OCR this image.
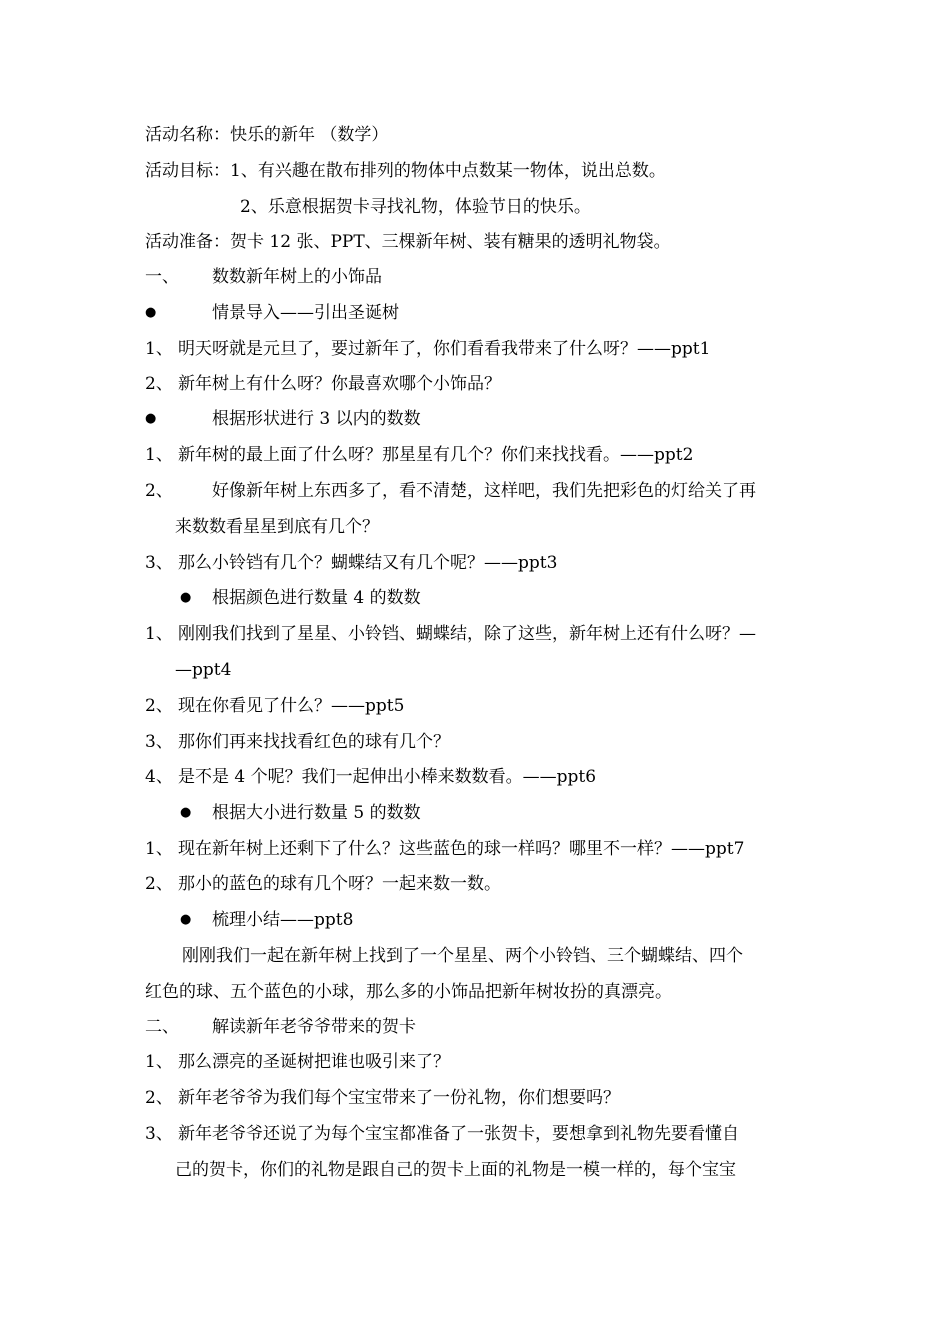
活动名称：快乐的新年 （数学）
活动目标：1、有兴趣在散布排列的物体中点数某一物体，说出总数。
2、乐意根据贺卡寻找礼物，体验节日的快乐。
活动准备：贺卡 12 张、PPT、三棵新年树、装有糖果的透明礼物袋。
一、 数数新年树上的小饰品
●	情景导入——引出圣诞树
1、 明天呀就是元旦了，要过新年了，你们看看我带来了什么呀？——ppt1
2、 新年树上有什么呀？你最喜欢哪个小饰品？
●	根据形状进行 3 以内的数数
1、 新年树的最上面了什么呀？那星星有几个？你们来找找看。——ppt2
2、 好像新年树上东西多了，看不清楚，这样吧，我们先把彩色的灯给关了再
来数数看星星到底有几个？
3、 那么小铃铛有几个？蝴蝶结又有几个呢？——ppt3
● 根据颜色进行数量 4 的数数
1、 刚刚我们找到了星星、小铃铛、蝴蝶结，除了这些，新年树上还有什么呀？—
—ppt4
2、 现在你看见了什么？——ppt5
3、 那你们再来找找看红色的球有几个？
4、 是不是 4 个呢？我们一起伸出小棒来数数看。——ppt6
● 根据大小进行数量 5 的数数
1、 现在新年树上还剩下了什么？这些蓝色的球一样吗？哪里不一样？——ppt7
2、 那小的蓝色的球有几个呀？一起来数一数。
● 梳理小结——ppt8
刚刚我们一起在新年树上找到了一个星星、两个小铃铛、三个蝴蝶结、四个
红色的球、五个蓝色的小球，那么多的小饰品把新年树妆扮的真漂亮。
二、 解读新年老爷爷带来的贺卡
1、 那么漂亮的圣诞树把谁也吸引来了？
2、 新年老爷爷为我们每个宝宝带来了一份礼物，你们想要吗？
3、 新年老爷爷还说了为每个宝宝都准备了一张贺卡，要想拿到礼物先要看懂自
己的贺卡，你们的礼物是跟自己的贺卡上面的礼物是一模一样的，每个宝宝
